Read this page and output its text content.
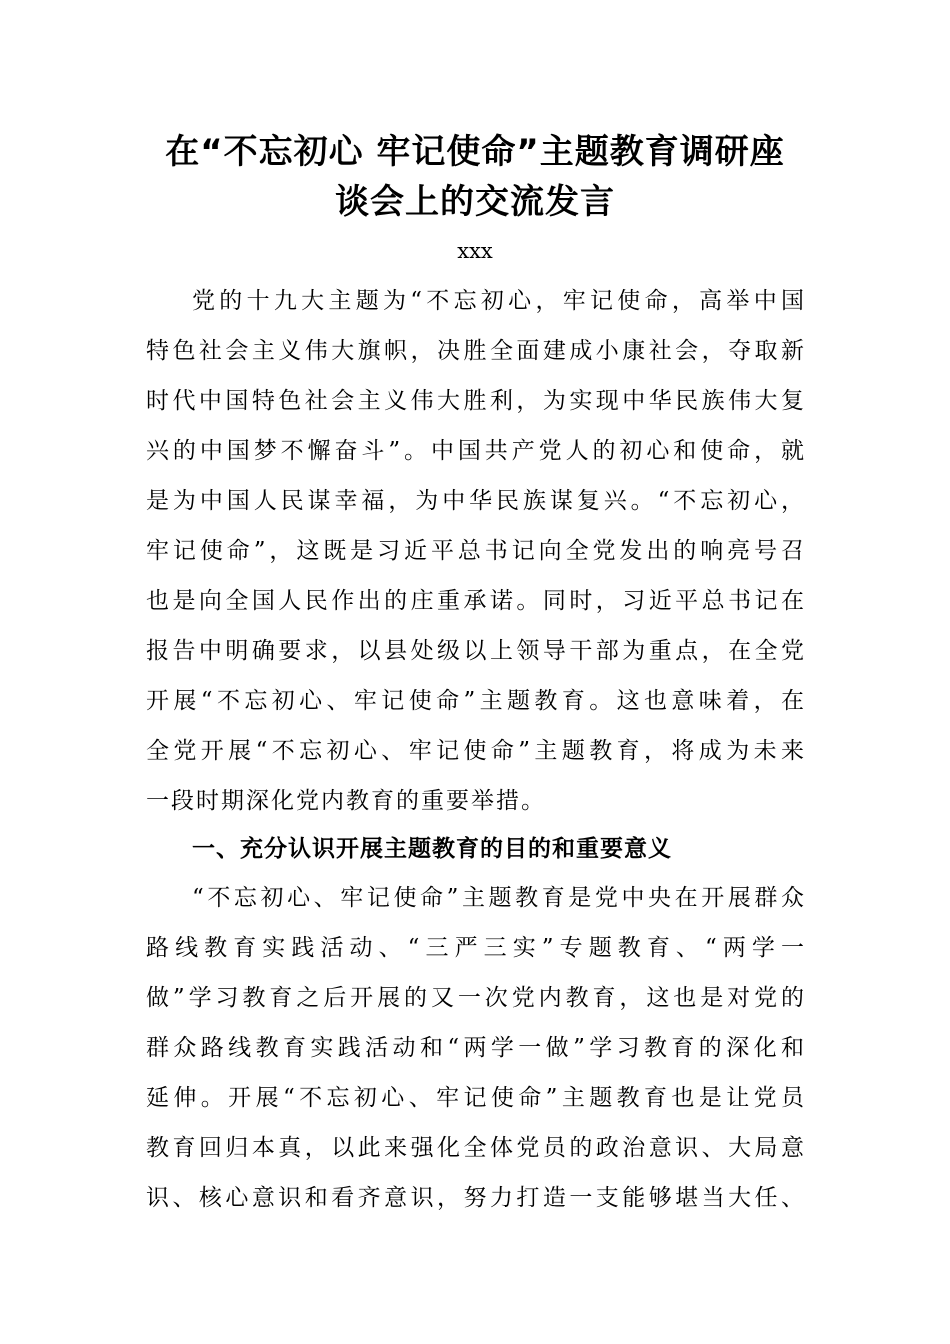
在“不忘初心 牢记使命”主题教育调研座
谈会上的交流发言
xxx
党的十九大主题为“不忘初心，牢记使命，高举中国
特色社会主义伟大旗帜，决胜全面建成小康社会，夺取新
时代中国特色社会主义伟大胜利，为实现中华民族伟大复
兴的中国梦不懈奋斗”。中国共产党人的初心和使命，就
是为中国人民谋幸福，为中华民族谋复兴。“不忘初心，
牢记使命”，这既是习近平总书记向全党发出的响亮号召
也是向全国人民作出的庄重承诺。同时，习近平总书记在
报告中明确要求，以县处级以上领导干部为重点，在全党
开展“不忘初心、牢记使命”主题教育。这也意味着，在
全党开展“不忘初心、牢记使命”主题教育，将成为未来
一段时期深化党内教育的重要举措。
一、充分认识开展主题教育的目的和重要意义
“不忘初心、牢记使命”主题教育是党中央在开展群众
路线教育实践活动、“三严三实”专题教育、“两学一
做”学习教育之后开展的又一次党内教育，这也是对党的
群众路线教育实践活动和“两学一做”学习教育的深化和
延伸。开展“不忘初心、牢记使命”主题教育也是让党员
教育回归本真，以此来强化全体党员的政治意识、大局意
识、核心意识和看齐意识，努力打造一支能够堪当大任、
